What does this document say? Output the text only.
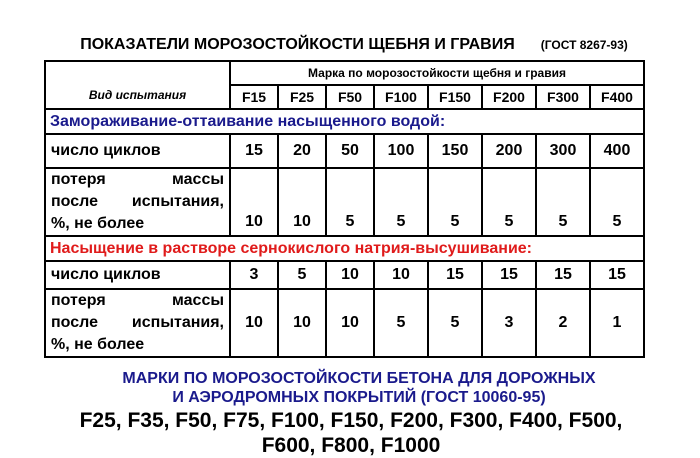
ПОКАЗАТЕЛИ МОРОЗОСТОЙКОСТИ ЩЕБНЯ И ГРАВИЯ (ГОСТ 8267-93)
Вид испытания	Марка по морозостойкости щебня и гравия							
	F15	F25	F50	F100	F150	F200	F300	F400
Замораживание-оттаивание насыщенного водой:								
число циклов	15	20	50	100	150	200	300	400

потеря массы
после испытания,
%, не более	10	10	5	5	5	5	5	5
Насыщение в растворе сернокислого натрия-высушивание:								
число циклов	3	5	10	10	15	15	15	15

потеря массы
после испытания,
%, не более	10	10	10	5	5	3	2	1
МАРКИ ПО МОРОЗОСТОЙКОСТИ БЕТОНА ДЛЯ ДОРОЖНЫХ
И АЭРОДРОМНЫХ ПОКРЫТИЙ (ГОСТ 10060-95)
F25, F35, F50, F75, F100, F150, F200, F300, F400, F500,
F600, F800, F1000
